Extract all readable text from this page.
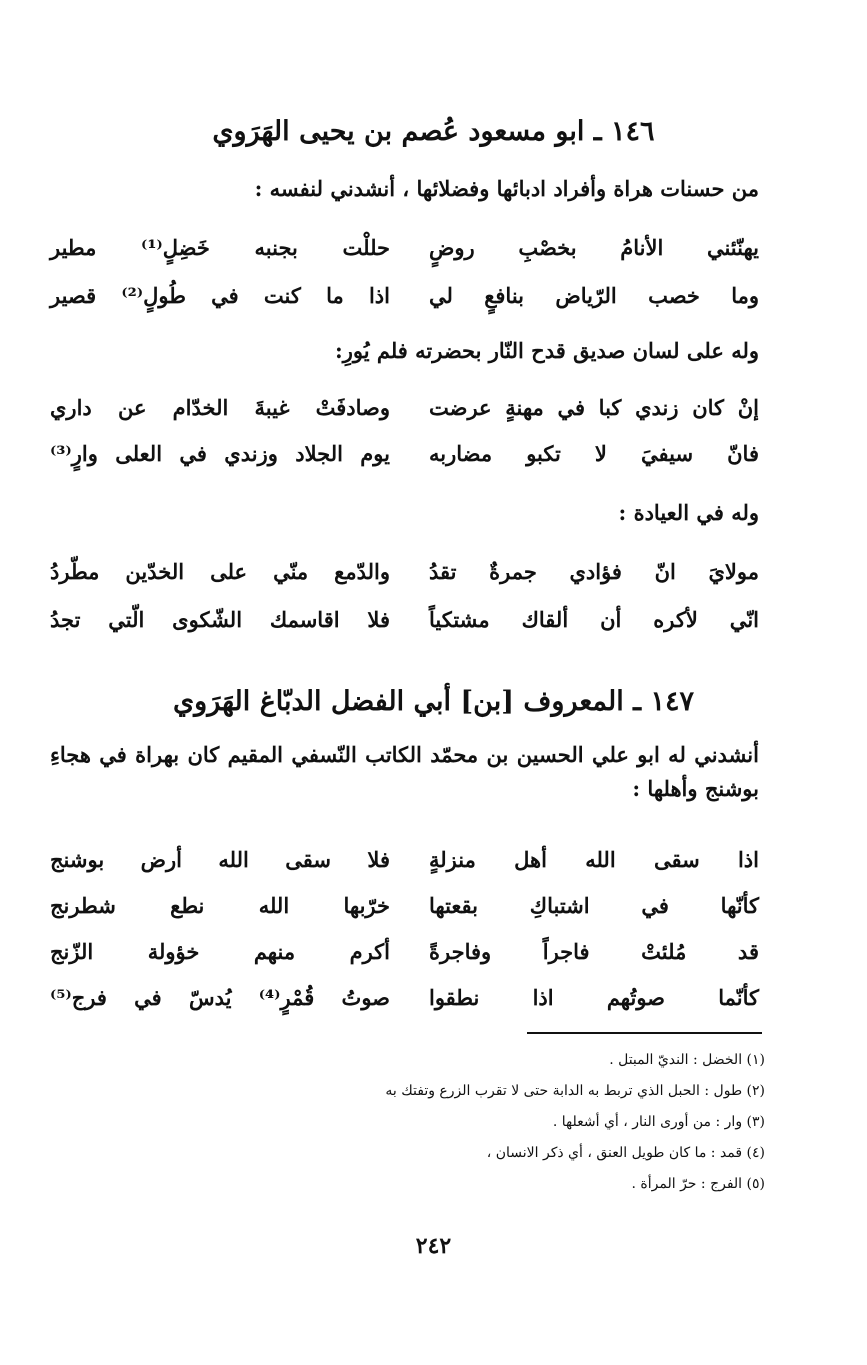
١٤٦ ـ ابو مسعود عُصم بن يحيى الهَرَوي
من حسنات هراة وأفراد ادبائها وفضلائها ، أنشدني لنفسه :
يهنّئني الأنامُ بخصْبِ روضٍ
حللْت بجنبه خَضِلٍ⁽¹⁾ مطير
وما خصب الرّياض بنافعٍ لي
اذا ما كنت في طُولٍ⁽²⁾ قصير
وله على لسان صديق قدح النّار بحضرته فلم يُورِ:
إنْ كان زندي كبا في مهنةٍ عرضت
وصادفَتْ غيبةَ الخدّام عن داري
فانّ سيفيَ لا تكبو مضاربه
يوم الجلاد وزندي في العلى وارٍ⁽³⁾
وله في العيادة :
مولايَ انّ فؤادي جمرةٌ تقدُ
والدّمع منّي على الخدّين مطّردُ
انّي لأكره أن ألقاك مشتكياً
فلا اقاسمك الشّكوى الّتي تجدُ
١٤٧ ـ المعروف [بن] أبي الفضل الدبّاغ الهَرَوي
أنشدني له ابو علي الحسين بن محمّد الكاتب النّسفي المقيم كان بهراة في هجاءِ بوشنج وأهلها :
اذا سقى الله أهل منزلةٍ
فلا سقى الله أرض بوشنج
كأنّها في اشتباكِ بقعتها
خرّبها الله نطع شطرنج
قد مُلئتْ فاجراً وفاجرةً
أكرم منهم خؤولة الزّنج
كأنّما صوتُهم اذا نطقوا
صوتُ قُمْرٍ⁽⁴⁾ يُدسّ في فرج⁽⁵⁾
(١) الخضل : النديّ المبتل .
(٢) طول : الحبل الذي تربط به الدابة حتى لا تقرب الزرع وتفتك به
(٣) وار : من أورى النار ، أي أشعلها .
(٤) قمد : ما كان طويل العنق ، أي ذكر الانسان ،
(٥) الفرج : حرّ المرأة .
٢٤٢
